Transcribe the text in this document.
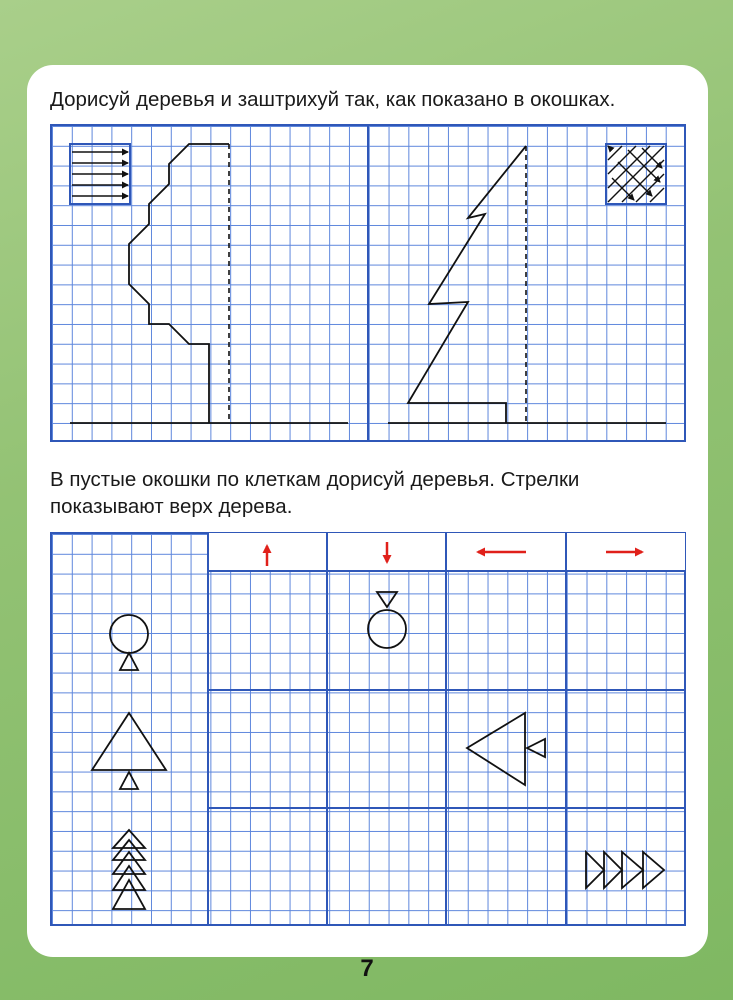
Дорисуй деревья и заштрихуй так, как показано в окошках.

В пустые окошки по клеткам дорисуй деревья. Стрелки

показывают верх дерева.

7
